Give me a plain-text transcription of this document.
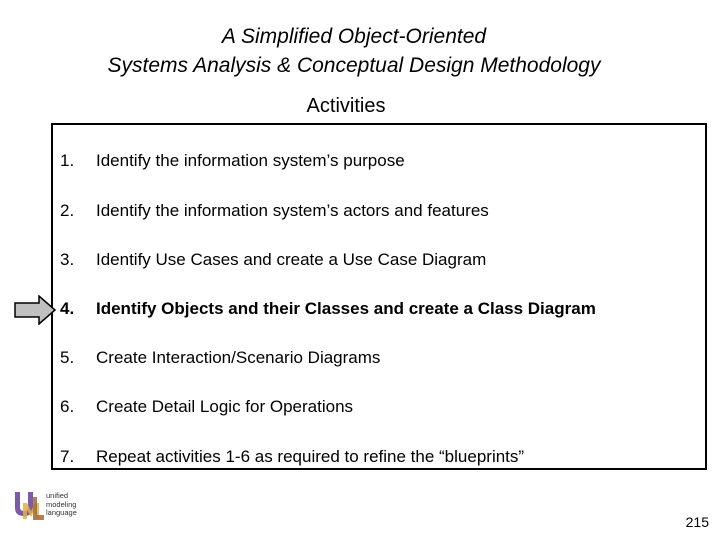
A Simplified Object-Oriented
Systems Analysis & Conceptual Design Methodology
Activities
1. Identify the information system’s purpose
2. Identify the information system’s actors and features
3. Identify Use Cases and create a Use Case Diagram
4. Identify Objects and their Classes and create a Class Diagram
5. Create Interaction/Scenario Diagrams
6. Create Detail Logic for Operations
7. Repeat activities 1-6 as required to refine the “blueprints”
unified
modeling
language
215
